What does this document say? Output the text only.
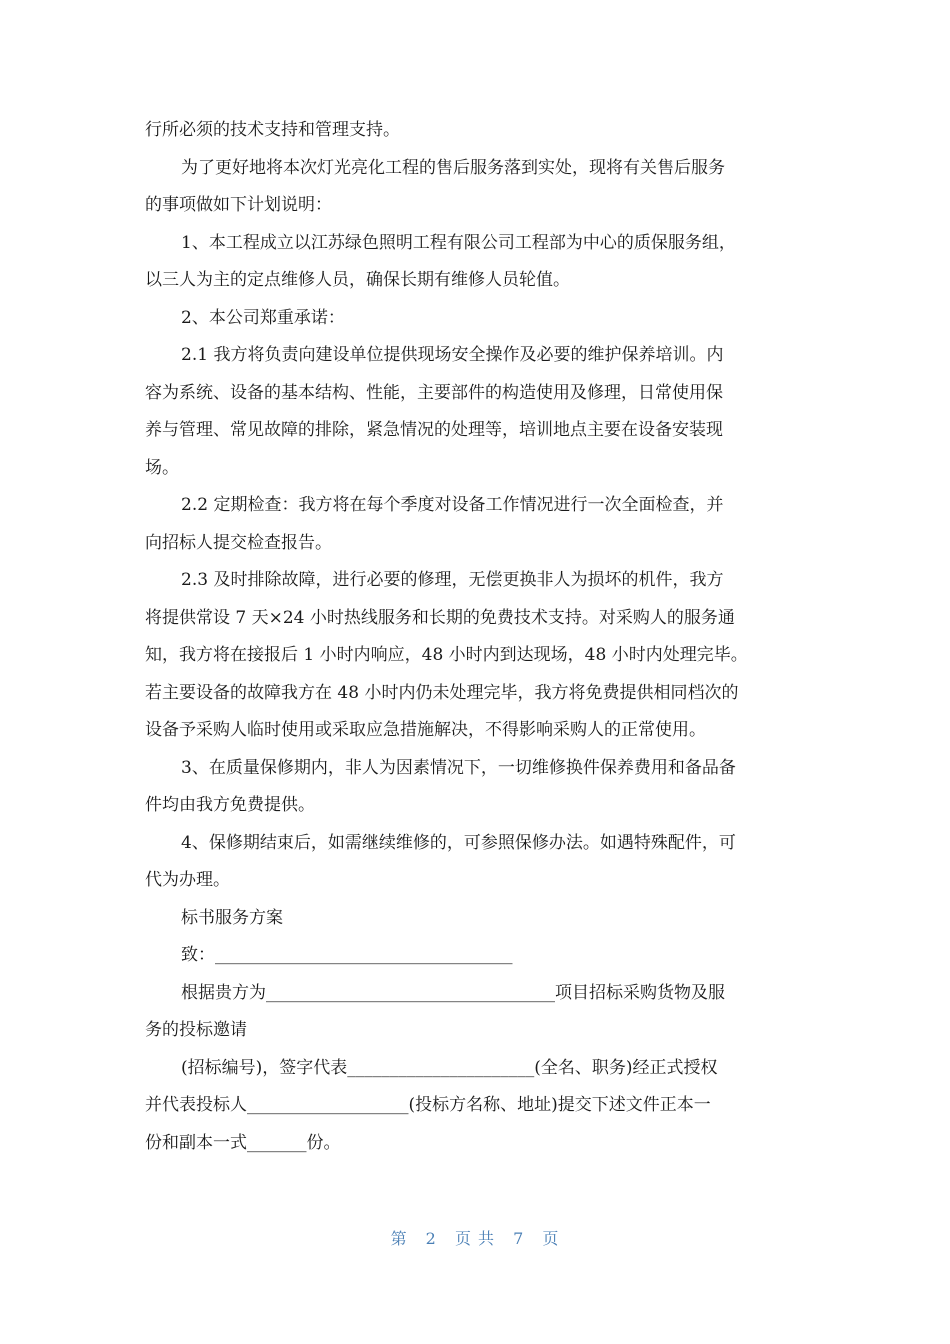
行所必须的技术支持和管理支持。
为了更好地将本次灯光亮化工程的售后服务落到实处，现将有关售后服务
的事项做如下计划说明：
1、本工程成立以江苏绿色照明工程有限公司工程部为中心的质保服务组，
以三人为主的定点维修人员，确保长期有维修人员轮值。
2、本公司郑重承诺：
2.1 我方将负责向建设单位提供现场安全操作及必要的维护保养培训。内
容为系统、设备的基本结构、性能，主要部件的构造使用及修理，日常使用保
养与管理、常见故障的排除，紧急情况的处理等，培训地点主要在设备安装现
场。
2.2 定期检查：我方将在每个季度对设备工作情况进行一次全面检查，并
向招标人提交检查报告。
2.3 及时排除故障，进行必要的修理，无偿更换非人为损坏的机件，我方
将提供常设 7 天×24 小时热线服务和长期的免费技术支持。对采购人的服务通
知，我方将在接报后 1 小时内响应，48 小时内到达现场，48 小时内处理完毕。
若主要设备的故障我方在 48 小时内仍未处理完毕，我方将免费提供相同档次的
设备予采购人临时使用或采取应急措施解决，不得影响采购人的正常使用。
3、在质量保修期内，非人为因素情况下，一切维修换件保养费用和备品备
件均由我方免费提供。
4、保修期结束后，如需继续维修的，可参照保修办法。如遇特殊配件，可
代为办理。
标书服务方案
致：___________________________________
根据贵方为__________________________________项目招标采购货物及服
务的投标邀请
(招标编号)，签字代表______________________(全名、职务)经正式授权
并代表投标人___________________(投标方名称、地址)提交下述文件正本一
份和副本一式_______份。
第 2 页 共 7 页
